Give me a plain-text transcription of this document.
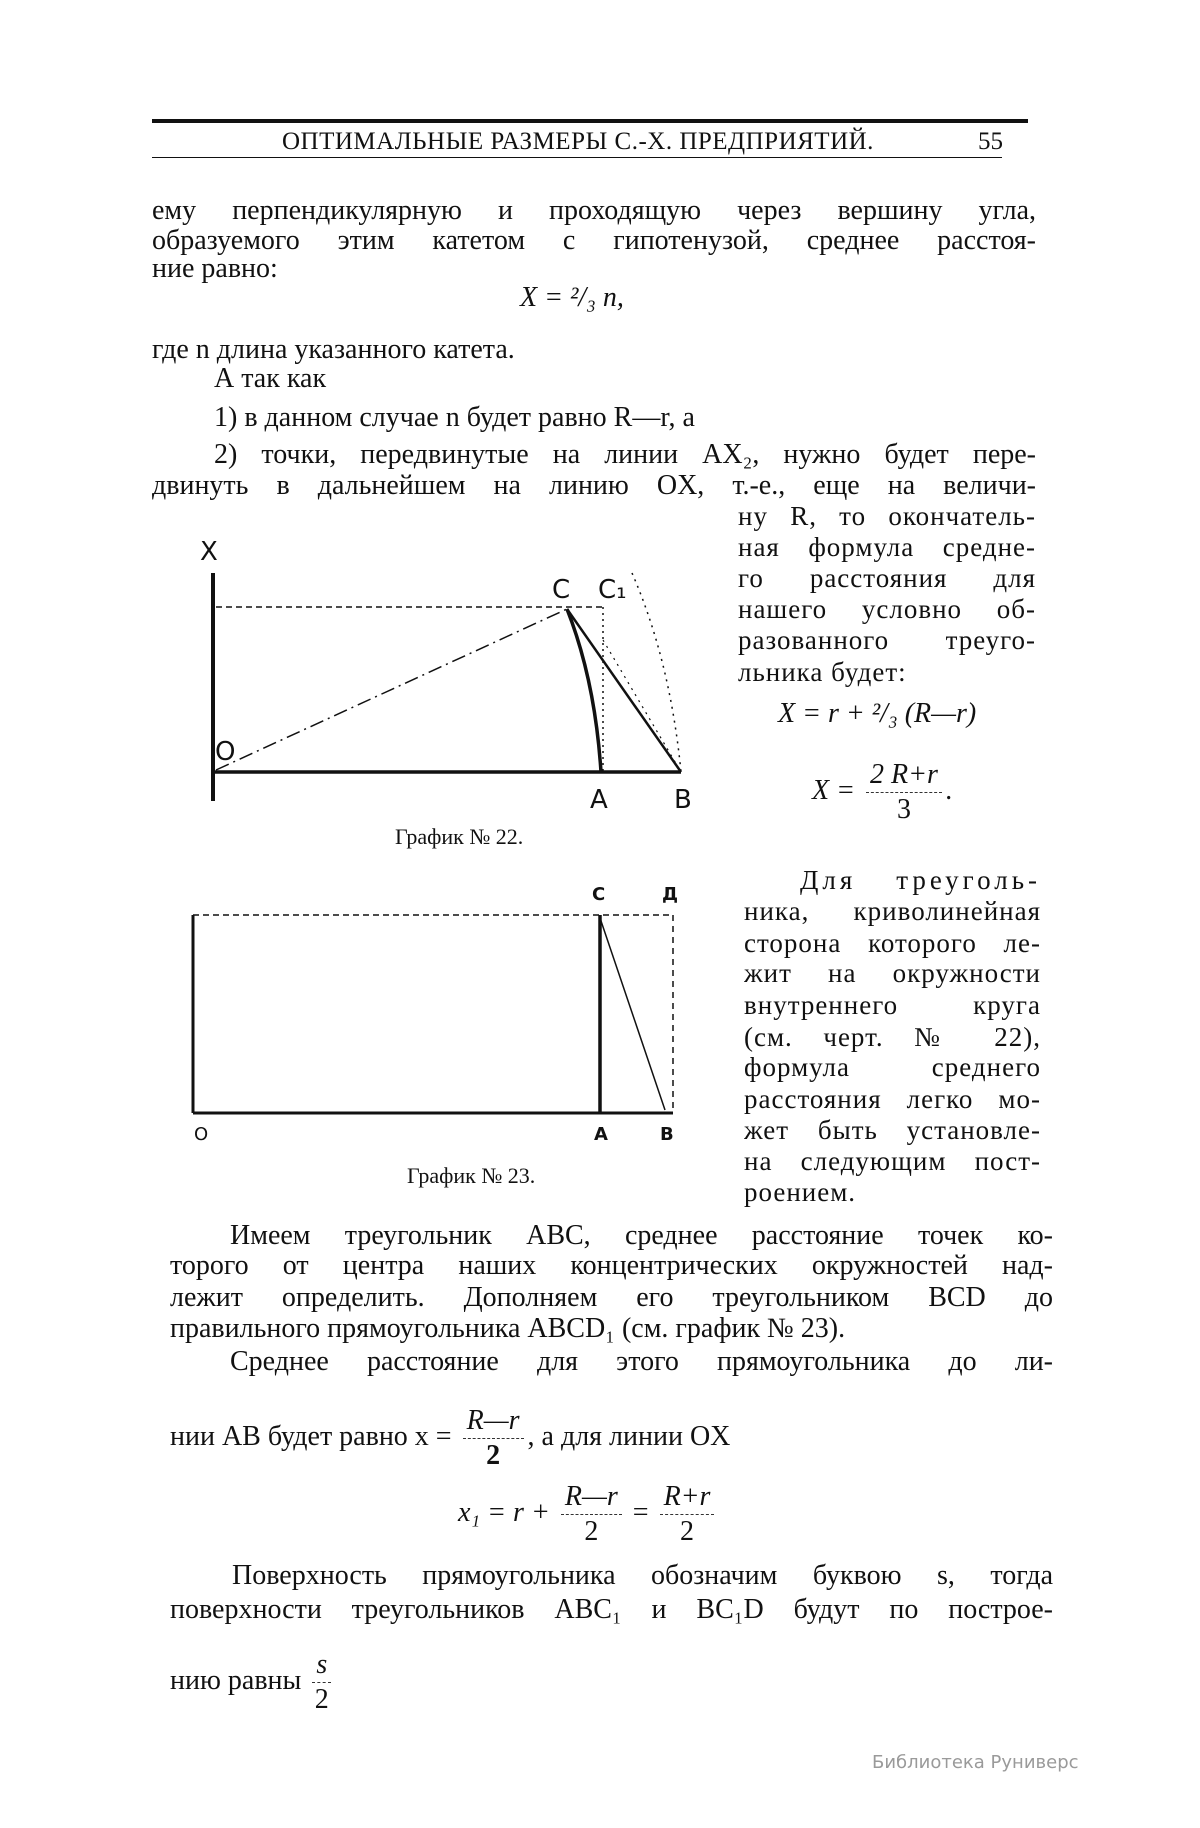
ОПТИМАЛЬНЫЕ РАЗМЕРЫ С.-Х. ПРЕДПРИЯТИЙ.	55
ему перпендикулярную и проходящую через вершину угла,
образуемого этим катетом с гипотенузой, среднее расстоя-
ние равно:
X = ²/₃ n,
где n длина указанного катета.
А так как
1) в данном случае n будет равно R—r, а
2) точки, передвинутые на линии AX₂, нужно будет пере-
двинуть в дальнейшем на линию OX, т.-е., еще на величи-
ну R, то окончатель-
ная формула средне-
го расстояния для
нашего условно об-
разованного треуго-
льника будет:
X = r + ²/₃ (R—r)
$X = \frac{2 R+r}{3}$ .
X
O
C C₁
A	B
C	Д
O	A	B
График № 22.
График № 23.
Для треуголь-
ника, криволинейная
сторона которого ле-
жит на окружности
внутреннего круга
(см. черт. № 22),
формула среднего
расстояния легко мо-
жет быть установле-
на следующим пост-
роением.
Имеем треугольник ABC, среднее расстояние точек ко-
торого от центра наших концентрических окружностей над-
лежит определить. Дополняем его треугольником BCD до
правильного прямоугольника ABCD₁ (см. график № 23).
Среднее расстояние для этого прямоугольника до ли-
нии AB будет равно $x = \frac{R—r}{2}$ , а для линии OX
$x_1 = r + \frac{R—r}{2} = \frac{R+r}{2}$
Поверхность прямоугольника обозначим буквою s, тогда
поверхности треугольников ABC₁ и BC₁D будут по построе-
нию равны $\frac{s}{2}$
Библиотека Руниверс
